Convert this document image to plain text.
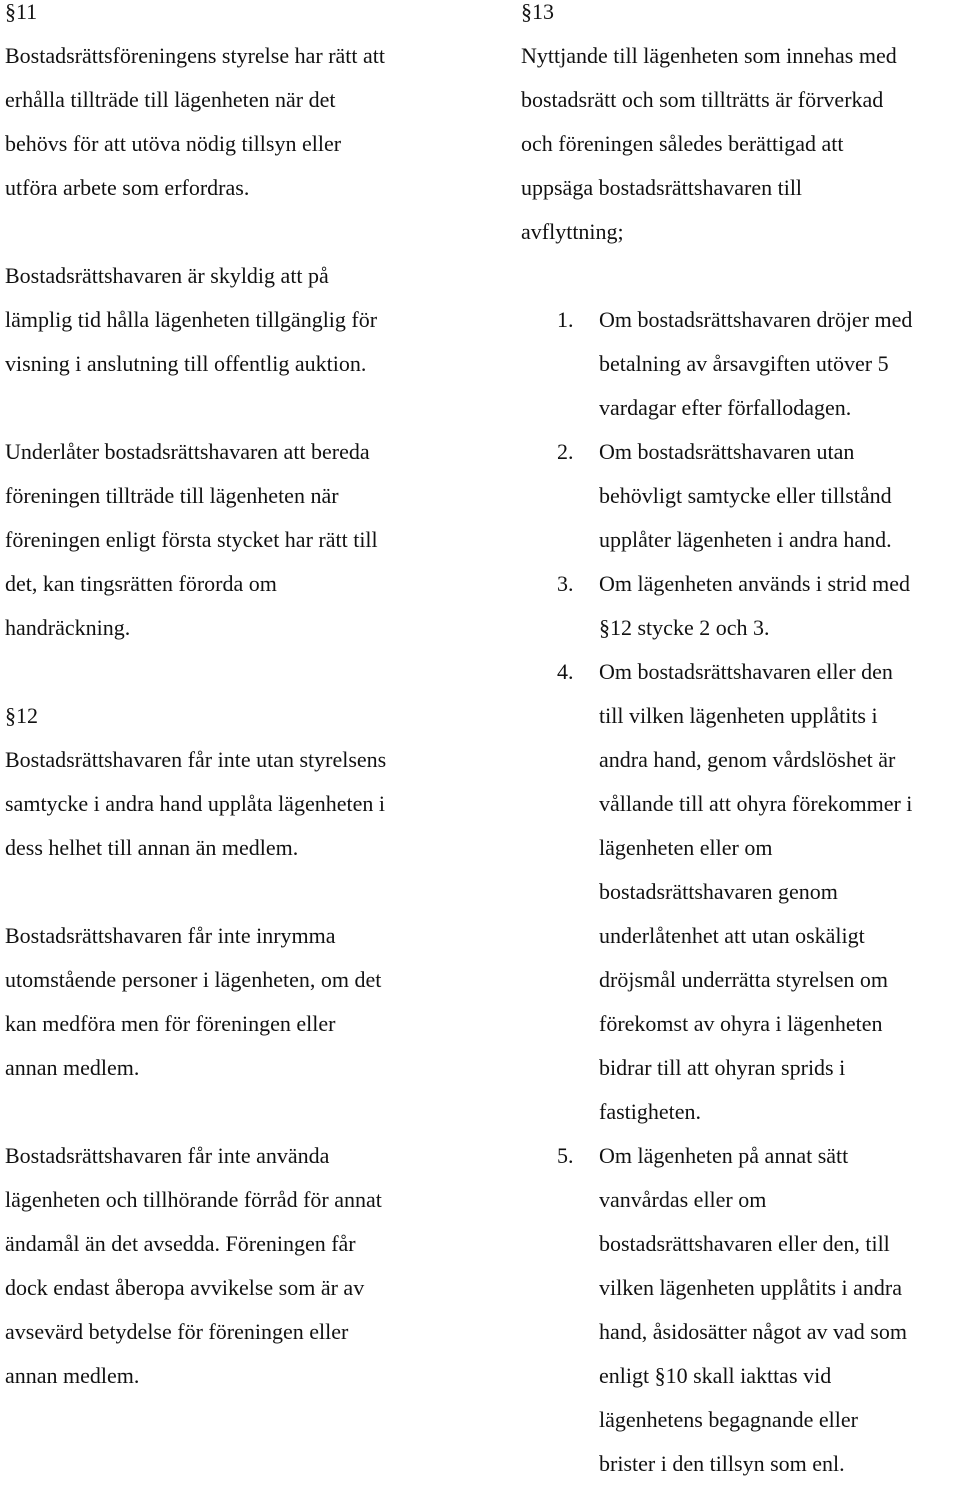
§11
Bostadsrättsföreningens styrelse har rätt att
erhålla tillträde till lägenheten när det
behövs för att utöva nödig tillsyn eller
utföra arbete som erfordras.
Bostadsrättshavaren är skyldig att på
lämplig tid hålla lägenheten tillgänglig för
visning i anslutning till offentlig auktion.
Underlåter bostadsrättshavaren att bereda
föreningen tillträde till lägenheten när
föreningen enligt första stycket har rätt till
det, kan tingsrätten förorda om
handräckning.
§12
Bostadsrättshavaren får inte utan styrelsens
samtycke i andra hand upplåta lägenheten i
dess helhet till annan än medlem.
Bostadsrättshavaren får inte inrymma
utomstående personer i lägenheten, om det
kan medföra men för föreningen eller
annan medlem.
Bostadsrättshavaren får inte använda
lägenheten och tillhörande förråd för annat
ändamål än det avsedda. Föreningen får
dock endast åberopa avvikelse som är av
avsevärd betydelse för föreningen eller
annan medlem.
§13
Nyttjande till lägenheten som innehas med
bostadsrätt och som tillträtts är förverkad
och föreningen således berättigad att
uppsäga bostadsrättshavaren till
avflyttning;
1. Om bostadsrättshavaren dröjer med
betalning av årsavgiften utöver 5
vardagar efter förfallodagen.
2. Om bostadsrättshavaren utan
behövligt samtycke eller tillstånd
upplåter lägenheten i andra hand.
3. Om lägenheten används i strid med
§12 stycke 2 och 3.
4. Om bostadsrättshavaren eller den
till vilken lägenheten upplåtits i
andra hand, genom vårdslöshet är
vållande till att ohyra förekommer i
lägenheten eller om
bostadsrättshavaren genom
underlåtenhet att utan oskäligt
dröjsmål underrätta styrelsen om
förekomst av ohyra i lägenheten
bidrar till att ohyran sprids i
fastigheten.
5. Om lägenheten på annat sätt
vanvårdas eller om
bostadsrättshavaren eller den, till
vilken lägenheten upplåtits i andra
hand, åsidosätter något av vad som
enligt §10 skall iakttas vid
lägenhetens begagnande eller
brister i den tillsyn som enl.
